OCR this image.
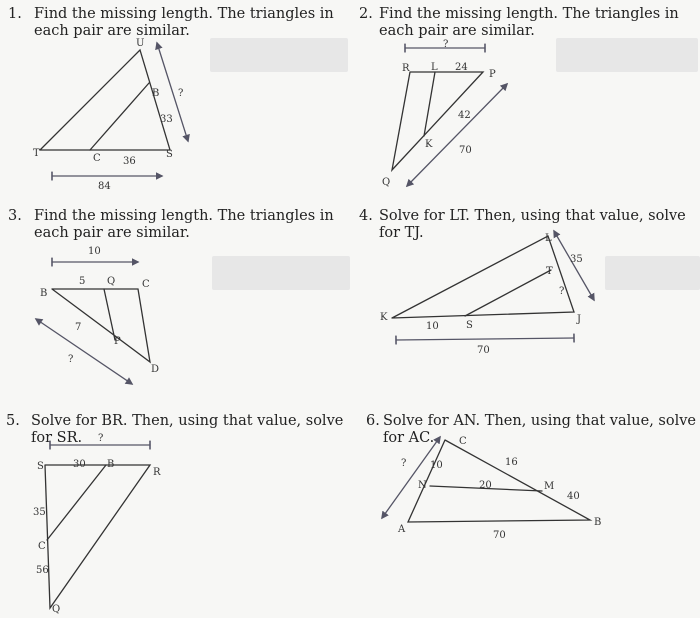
1. Find the missing length. The triangles in each pair are similar.
2. Find the missing length. The triangles in each pair are similar.
3. Find the missing length. The triangles in each pair are similar.
4. Solve for LT. Then, using that value, solve for TJ.
5. Solve for BR. Then, using that value, solve for SR.
6. Solve for AN. Then, using that value, solve for AC.
U
B ?
33
T	C 36
S
84
?
R L 24
P
42
K
70
Q
10
5 Q	C
B
7
P
?
D
L
35
T
?
K
10	S
J
70
?
S	30 B
R
35
C
56
Q
C
? 10	16
N	20	M
40
A
B
70
